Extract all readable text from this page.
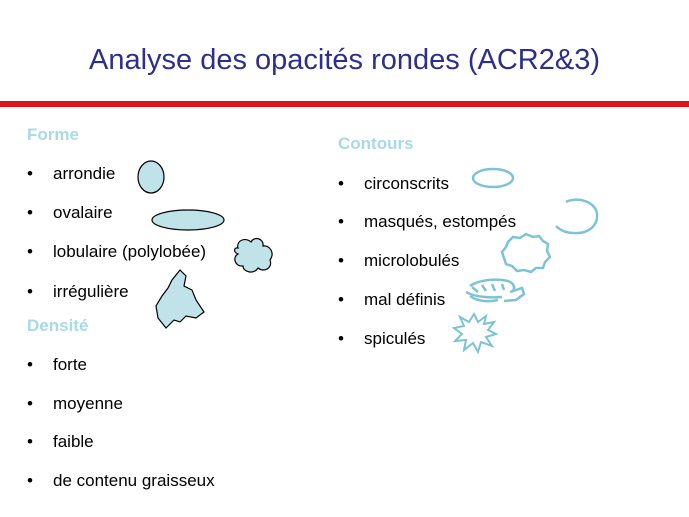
Analyse des opacités rondes (ACR2&3)
Forme
• arrondie
• ovalaire
• lobulaire (polylobée)
• irrégulière
Densité
• forte
• moyenne
• faible
• de contenu graisseux
Contours
• circonscrits
• masqués, estompés
• microlobulés
• mal définis
• spiculés
